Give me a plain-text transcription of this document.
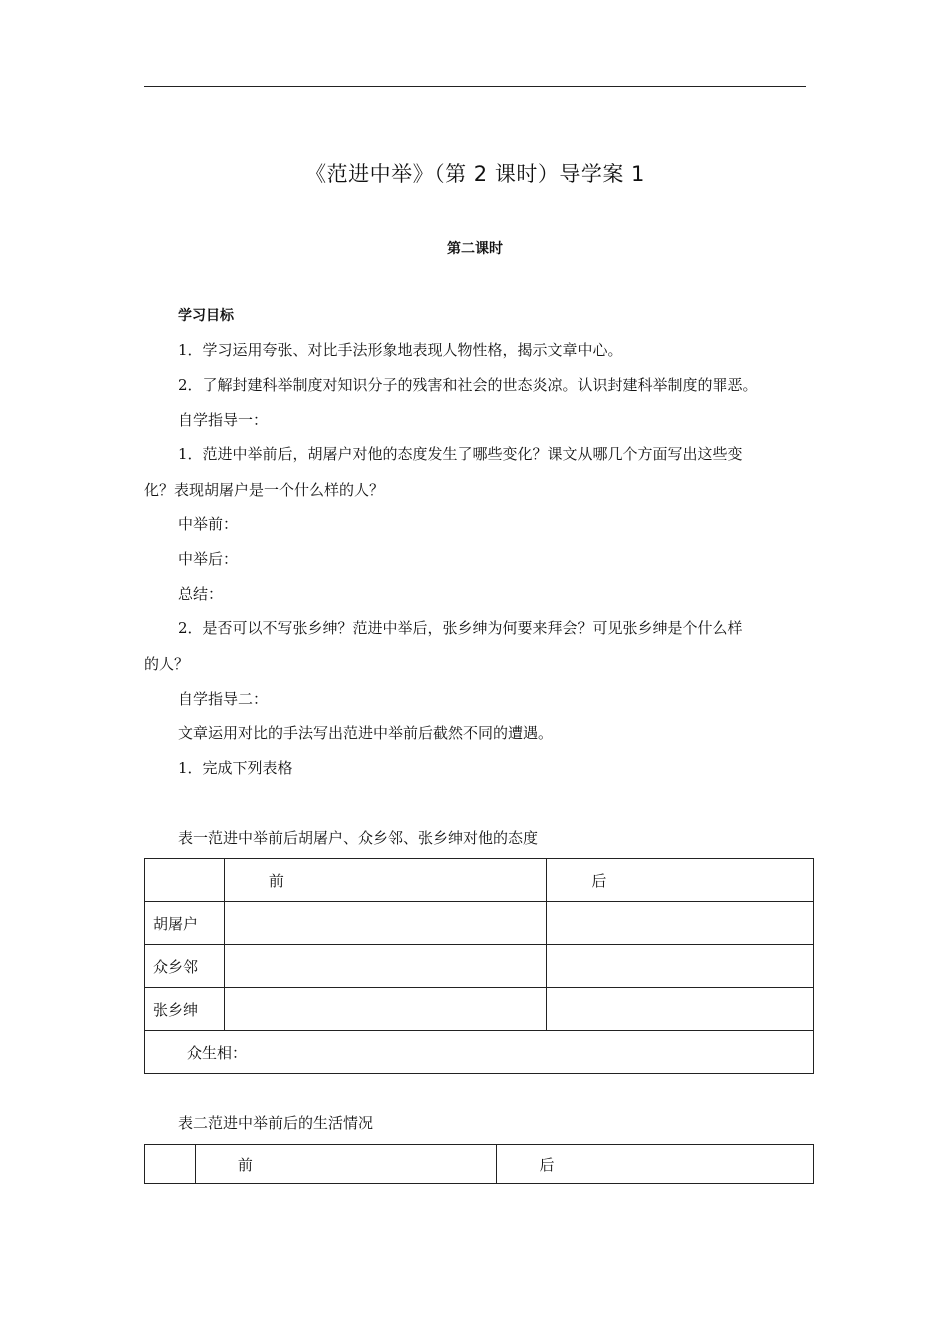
《范进中举》（第 2 课时）导学案 1
第二课时
学习目标
1．学习运用夸张、对比手法形象地表现人物性格，揭示文章中心。
2．了解封建科举制度对知识分子的残害和社会的世态炎凉。认识封建科举制度的罪恶。
自学指导一：
1．范进中举前后，胡屠户对他的态度发生了哪些变化？课文从哪几个方面写出这些变
化？表现胡屠户是一个什么样的人？
中举前：
中举后：
总结：
2．是否可以不写张乡绅？范进中举后，张乡绅为何要来拜会？可见张乡绅是个什么样
的人？
自学指导二：
文章运用对比的手法写出范进中举前后截然不同的遭遇。
1．完成下列表格
表一范进中举前后胡屠户、众乡邻、张乡绅对他的态度
	前	后
胡屠户		
众乡邻		
张乡绅		
众生相：		
表二范进中举前后的生活情况
	前	后
